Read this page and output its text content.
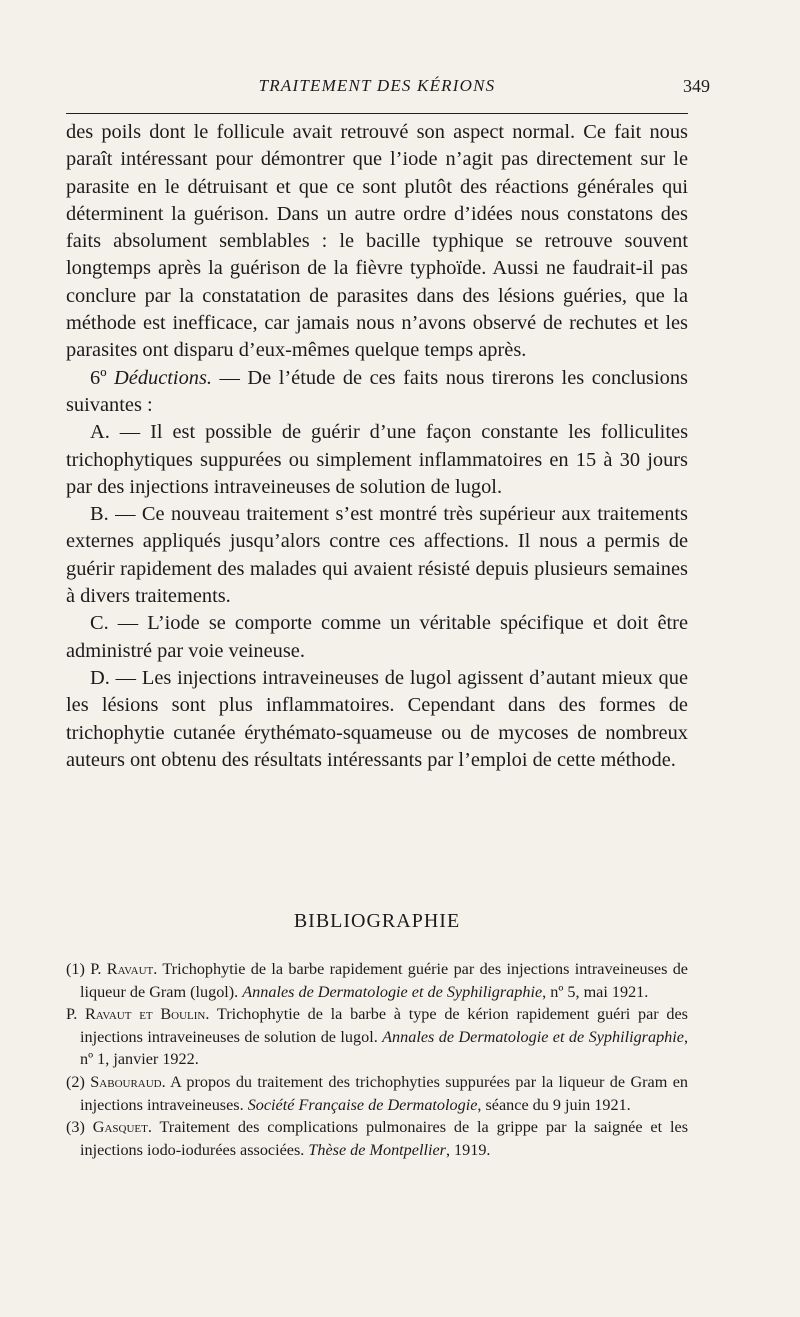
TRAITEMENT DES KÉRIONS	349

des poils dont le follicule avait retrouvé son aspect normal. Ce fait nous paraît intéressant pour démontrer que l’iode n’agit pas directement sur le parasite en le détruisant et que ce sont plutôt des réactions générales qui déterminent la guérison. Dans un autre ordre d’idées nous constatons des faits absolument semblables : le bacille typhique se retrouve souvent longtemps après la guérison de la fièvre typhoïde. Aussi ne faudrait-il pas conclure par la constatation de parasites dans des lésions guéries, que la méthode est inefficace, car jamais nous n’avons observé de rechutes et les parasites ont disparu d’eux-mêmes quelque temps après.

6º Déductions. — De l’étude de ces faits nous tirerons les conclusions suivantes :

A. — Il est possible de guérir d’une façon constante les folliculites trichophytiques suppurées ou simplement inflammatoires en 15 à 30 jours par des injections intraveineuses de solution de lugol.

B. — Ce nouveau traitement s’est montré très supérieur aux traitements externes appliqués jusqu’alors contre ces affections. Il nous a permis de guérir rapidement des malades qui avaient résisté depuis plusieurs semaines à divers traitements.

C. — L’iode se comporte comme un véritable spécifique et doit être administré par voie veineuse.

D. — Les injections intraveineuses de lugol agissent d’autant mieux que les lésions sont plus inflammatoires. Cependant dans des formes de trichophytie cutanée érythémato-squameuse ou de mycoses de nombreux auteurs ont obtenu des résultats intéressants par l’emploi de cette méthode.

BIBLIOGRAPHIE

(1) P. Ravaut. Trichophytie de la barbe rapidement guérie par des injections intraveineuses de liqueur de Gram (lugol). Annales de Dermatologie et de Syphiligraphie, nº 5, mai 1921.

P. Ravaut et Boulin. Trichophytie de la barbe à type de kérion rapidement guéri par des injections intraveineuses de solution de lugol. Annales de Dermatologie et de Syphiligraphie, nº 1, janvier 1922.

(2) Sabouraud. A propos du traitement des trichophyties suppurées par la liqueur de Gram en injections intraveineuses. Société Française de Dermatologie, séance du 9 juin 1921.

(3) Gasquet. Traitement des complications pulmonaires de la grippe par la saignée et les injections iodo-iodurées associées. Thèse de Montpellier, 1919.
